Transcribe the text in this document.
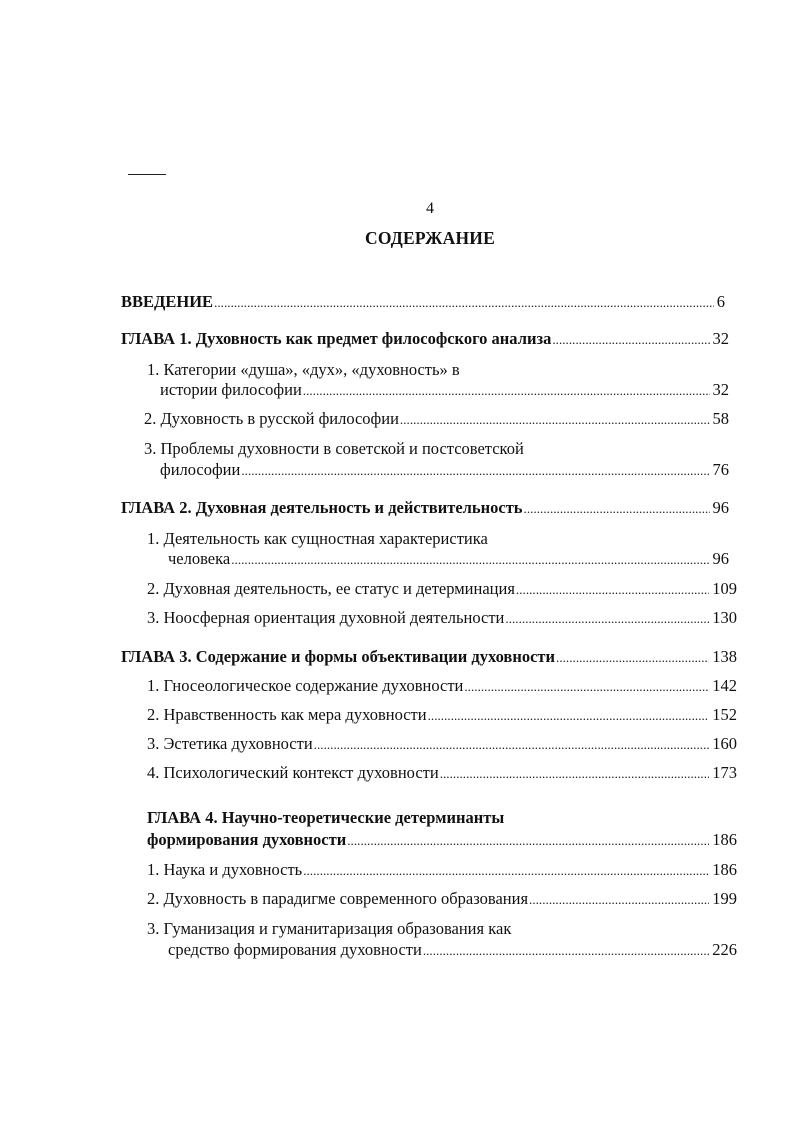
4
СОДЕРЖАНИЕ
ВВЕДЕНИЕ . . .	6
ГЛАВА 1. Духовность как предмет философского анализа . . .	32
1. Категории «душа», «дух», «духовность» в
истории философии . . .	32
2. Духовность в русской философии . . .	58
3. Проблемы духовности в советской и постсоветской
философии . . .	76
ГЛАВА 2. Духовная деятельность и действительность . . .	96
1. Деятельность как сущностная характеристика
человека . . .	96
2. Духовная деятельность, ее статус и детерминация . . .	109
3. Ноосферная ориентация духовной деятельности . . .	130
ГЛАВА 3. Содержание и формы объективации духовности . . .	138
1. Гносеологическое содержание духовности . . .	142
2. Нравственность как мера духовности . . .	152
3. Эстетика духовности . . .	160
4. Психологический контекст духовности . . .	173
ГЛАВА 4. Научно-теоретические детерминанты
формирования духовности . . .	186
1. Наука и духовность . . .	186
2. Духовность в парадигме современного образования . . .	199
3. Гуманизация и гуманитаризация образования как
средство формирования духовности . . .	226
